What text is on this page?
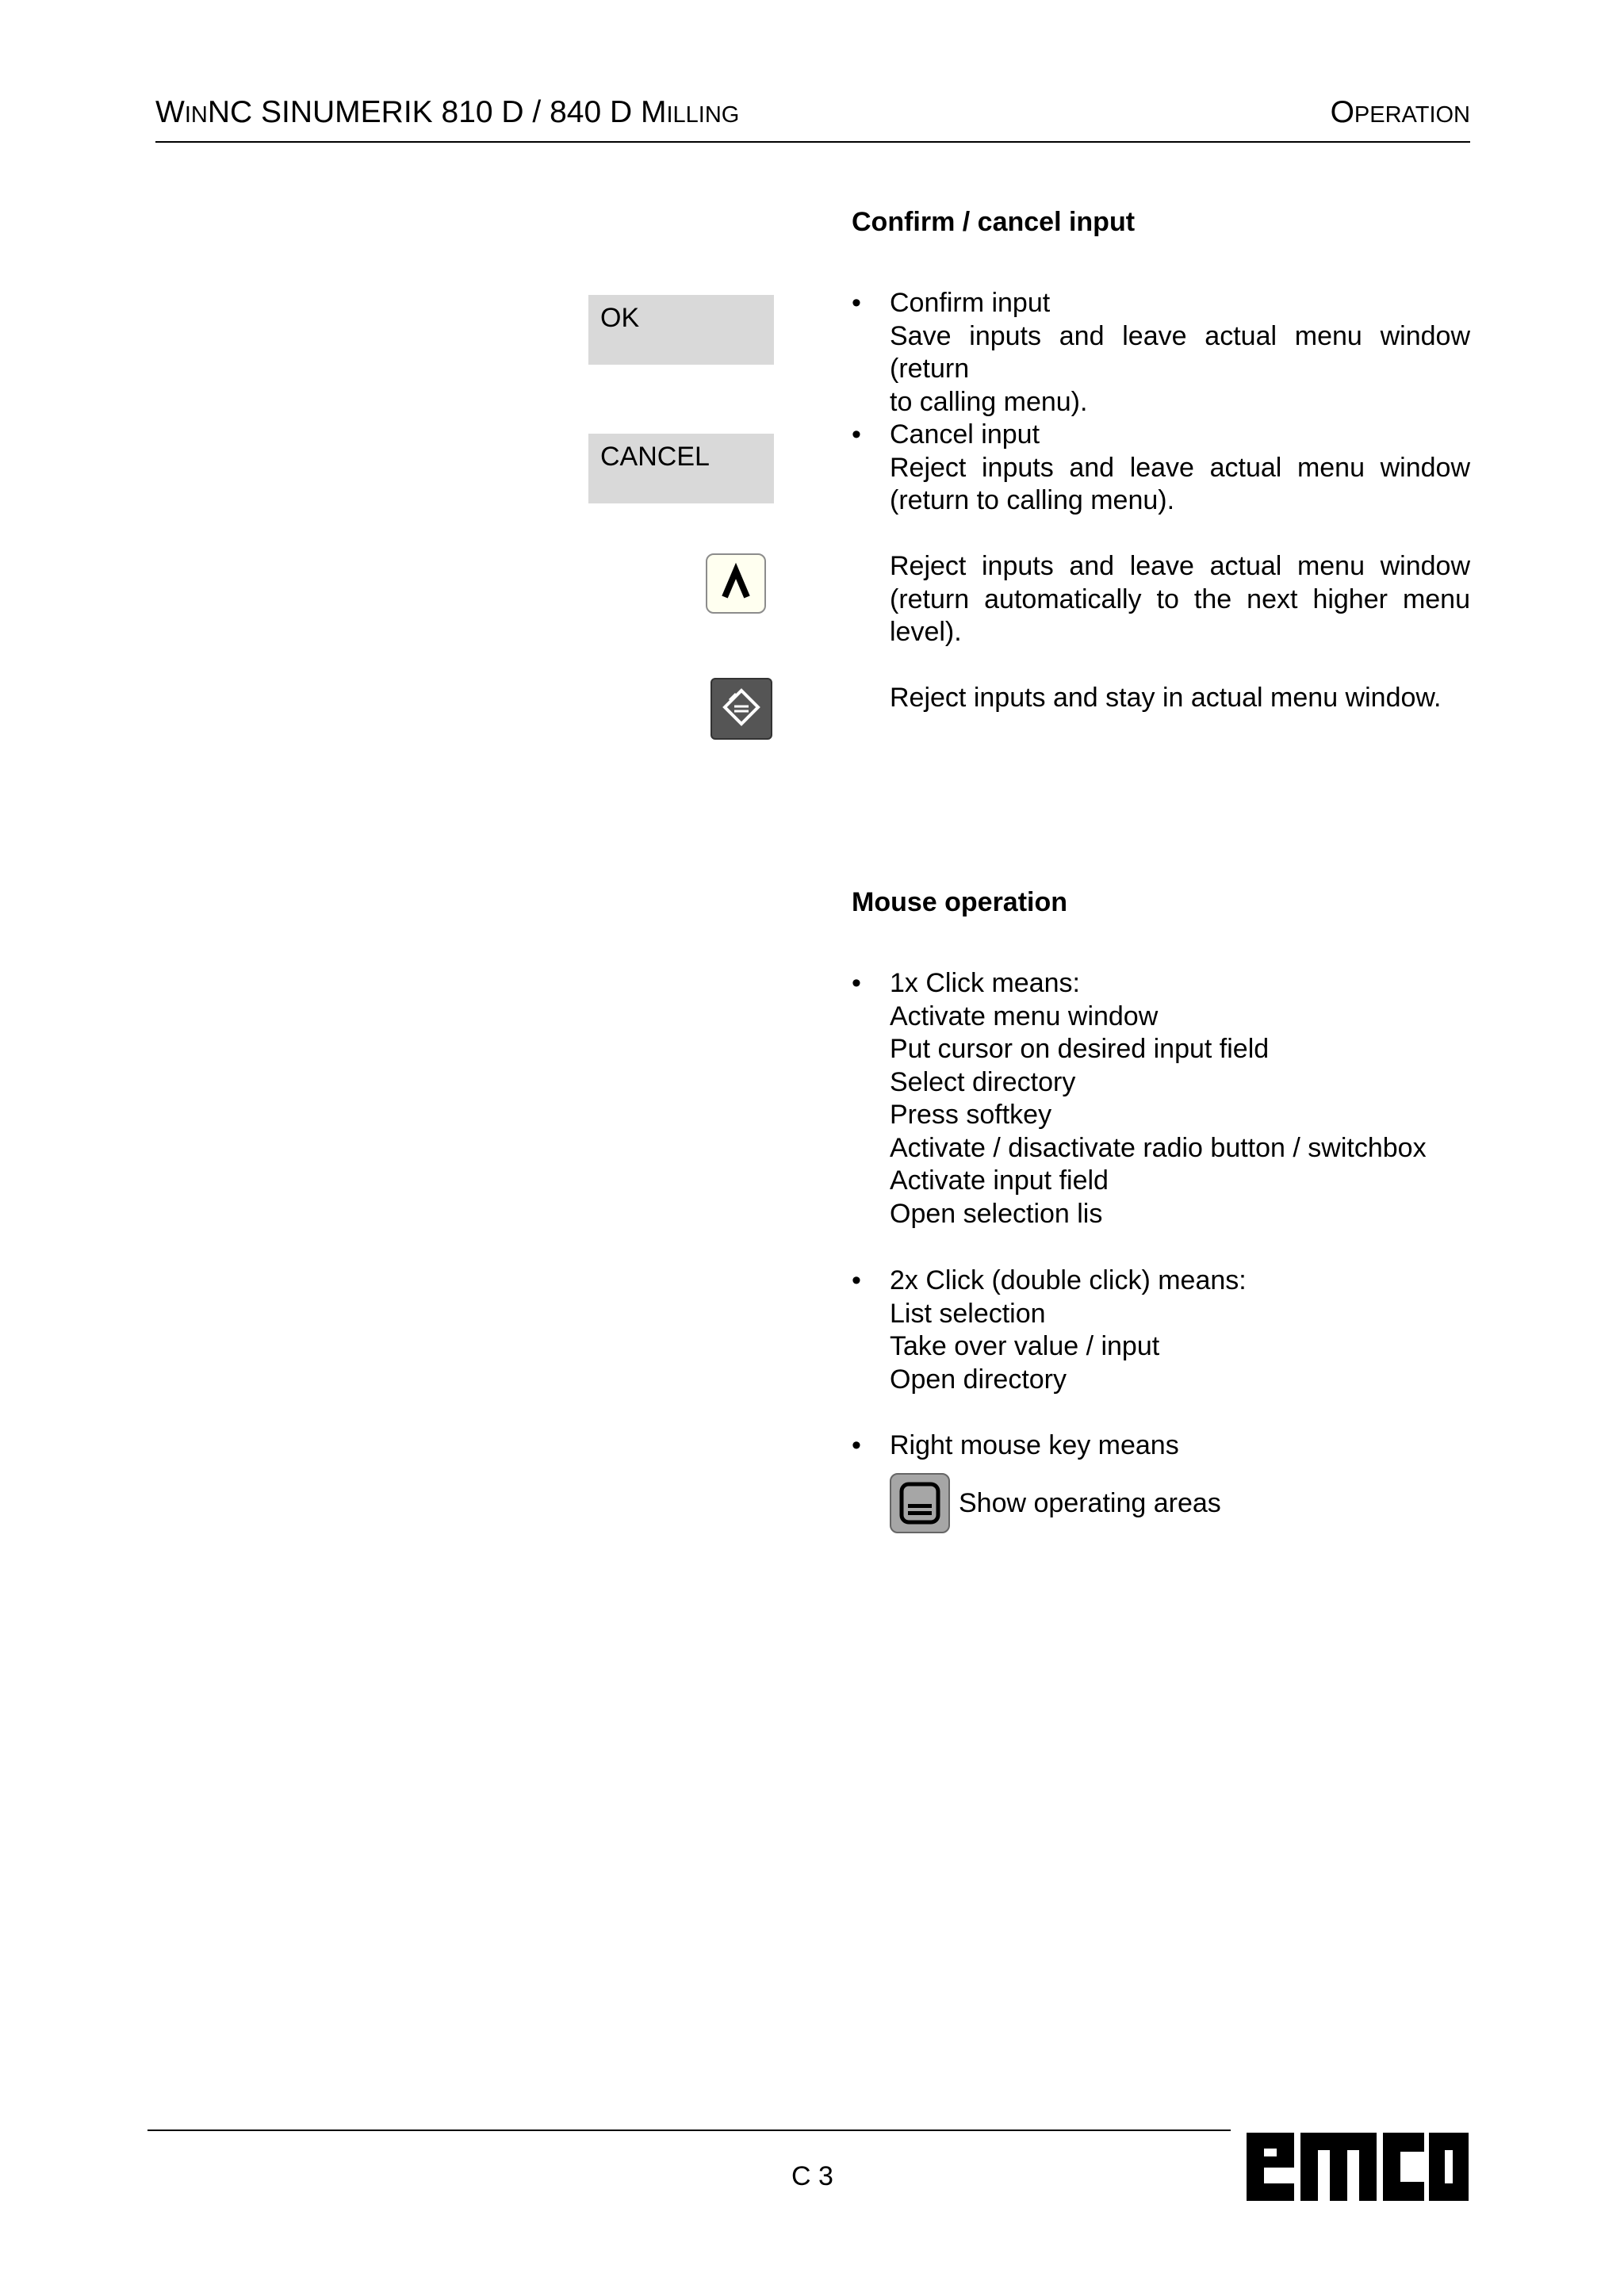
WINNC SINUMERIK 810 D / 840 D MILLING	OPERATION
Confirm / cancel input
OK
CANCEL
• Confirm input
Save inputs and leave actual menu window (return
to calling menu).
• Cancel input
Reject inputs and leave actual menu window
(return to calling menu).
Reject inputs and leave actual menu window
(return automatically to the next higher menu
level).
Reject inputs and stay in actual menu window.
Mouse operation
• 1x Click means:
Activate menu window
Put cursor on desired input field
Select directory
Press softkey
Activate / disactivate radio button / switchbox
Activate input field
Open selection lis
• 2x Click (double click) means:
List selection
Take over value / input
Open directory
• Right mouse key means
Show operating areas
C 3
